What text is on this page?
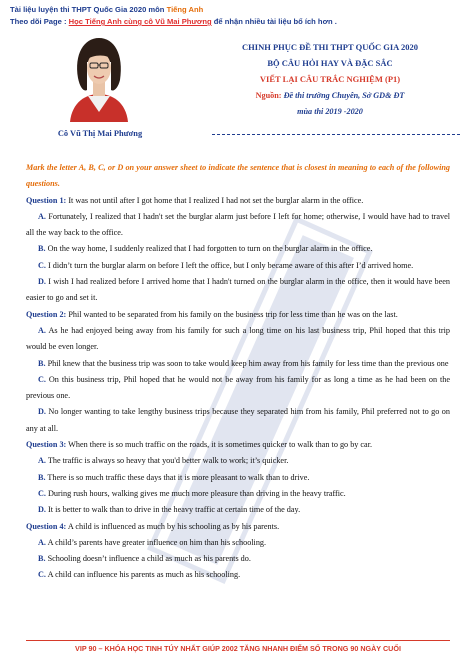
Tài liệu luyện thi THPT Quốc Gia 2020 môn Tiếng Anh
Theo dõi Page : Học Tiếng Anh cùng cô Vũ Mai Phương để nhận nhiều tài liệu bổ ích hơn .
Cô Vũ Thị Mai Phương
CHINH PHỤC ĐỀ THI THPT QUỐC GIA 2020
BỘ CÂU HỎI HAY VÀ ĐẶC SẮC
VIẾT LẠI CÂU TRẮC NGHIỆM (P1)
Nguồn: Đề thi trường Chuyên, Sở GD& ĐT
mùa thi 2019 -2020

Mark the letter A, B, C, or D on your answer sheet to indicate the sentence that is closest in meaning to each of the following questions.

Question 1: It was not until after I got home that I realized I had not set the burglar alarm in the office.

A. Fortunately, I realized that I hadn't set the burglar alarm just before I left for home; otherwise, I would have had to travel all the way back to the office.

B. On the way home, I suddenly realized that I had forgotten to turn on the burglar alarm in the office.

C. I didn’t turn the burglar alarm on before I left the office, but I only became aware of this after I’d arrived home.

D. I wish I had realized before I arrived home that I hadn't turned on the burglar alarm in the office, then it would have been easier to go and set it.

Question 2: Phil wanted to be separated from his family on the business trip for less time than he was on the last.

A. As he had enjoyed being away from his family for such a long time on his last business trip, Phil hoped that this trip would be even longer.

B. Phil knew that the business trip was soon to take would keep him away from his family for less time than the previous one

C. On this business trip, Phil hoped that he would not be away from his family for as long a time as he had been on the previous one.

D. No longer wanting to take lengthy business trips because they separated him from his family, Phil preferred not to go on any at all.

Question 3: When there is so much traffic on the roads, it is sometimes quicker to walk than to go by car.

A. The traffic is always so heavy that you'd better walk to work; it’s quicker.

B. There is so much traffic these days that it is more pleasant to walk than to drive.

C. During rush hours, walking gives me much more pleasure than driving in the heavy traffic.

D. It is better to walk than to drive in the heavy traffic at certain time of the day.

Question 4: A child is influenced as much by his schooling as by his parents.

A. A child’s parents have greater influence on him than his schooling.

B. Schooling doesn’t influence a child as much as his parents do.

C. A child can influence his parents as much as his schooling.

VIP 90 – KHÓA HỌC TINH TÚY NHẤT GIÚP 2002 TĂNG NHANH ĐIỂM SỐ TRONG 90 NGÀY CUỐI
